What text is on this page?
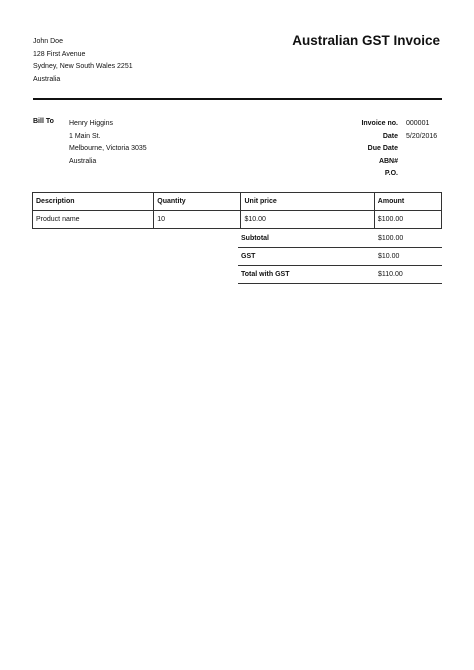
John Doe
128 First Avenue
Sydney, New South Wales 2251
Australia
Australian GST Invoice
Bill To Henry Higgins
1 Main St.
Melbourne, Victoria 3035
Australia
Invoice no.	000001
Date	5/20/2016
Due Date
ABN#
P.O.
Description	Quantity	Unit price	Amount
Product name	10	$10.00	$100.00
Subtotal	$100.00
GST	$10.00
Total with GST	$110.00
